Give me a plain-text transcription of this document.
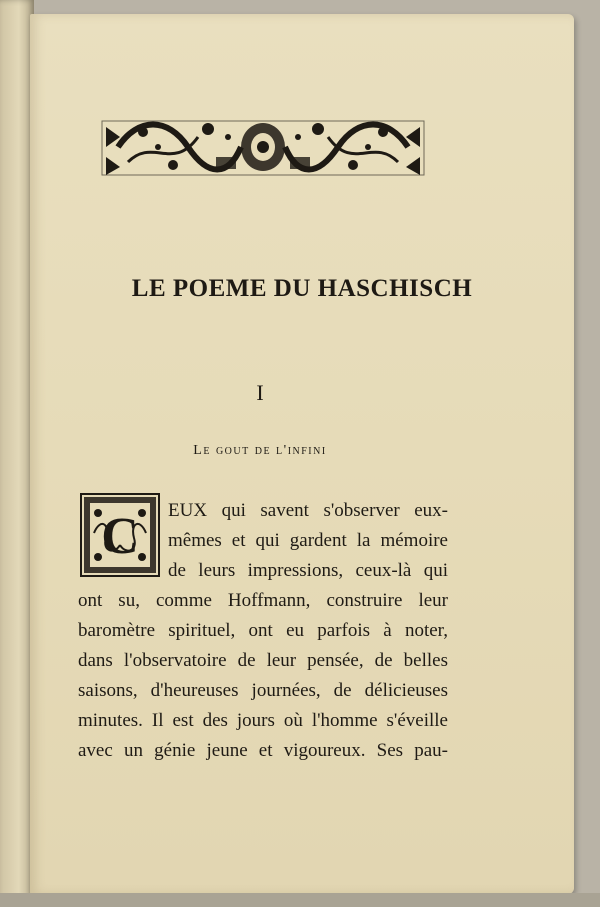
LE POEME DU HASCHISCH
I
Le gout de l'infini
C EUX qui savent s'observer eux-
mêmes et qui gardent la mémoire
de leurs impressions, ceux-là qui
ont su, comme Hoffmann, construire leur
baromètre spirituel, ont eu parfois à noter,
dans l'observatoire de leur pensée, de belles
saisons, d'heureuses journées, de délicieuses
minutes. Il est des jours où l'homme s'éveille
avec un génie jeune et vigoureux. Ses pau-
